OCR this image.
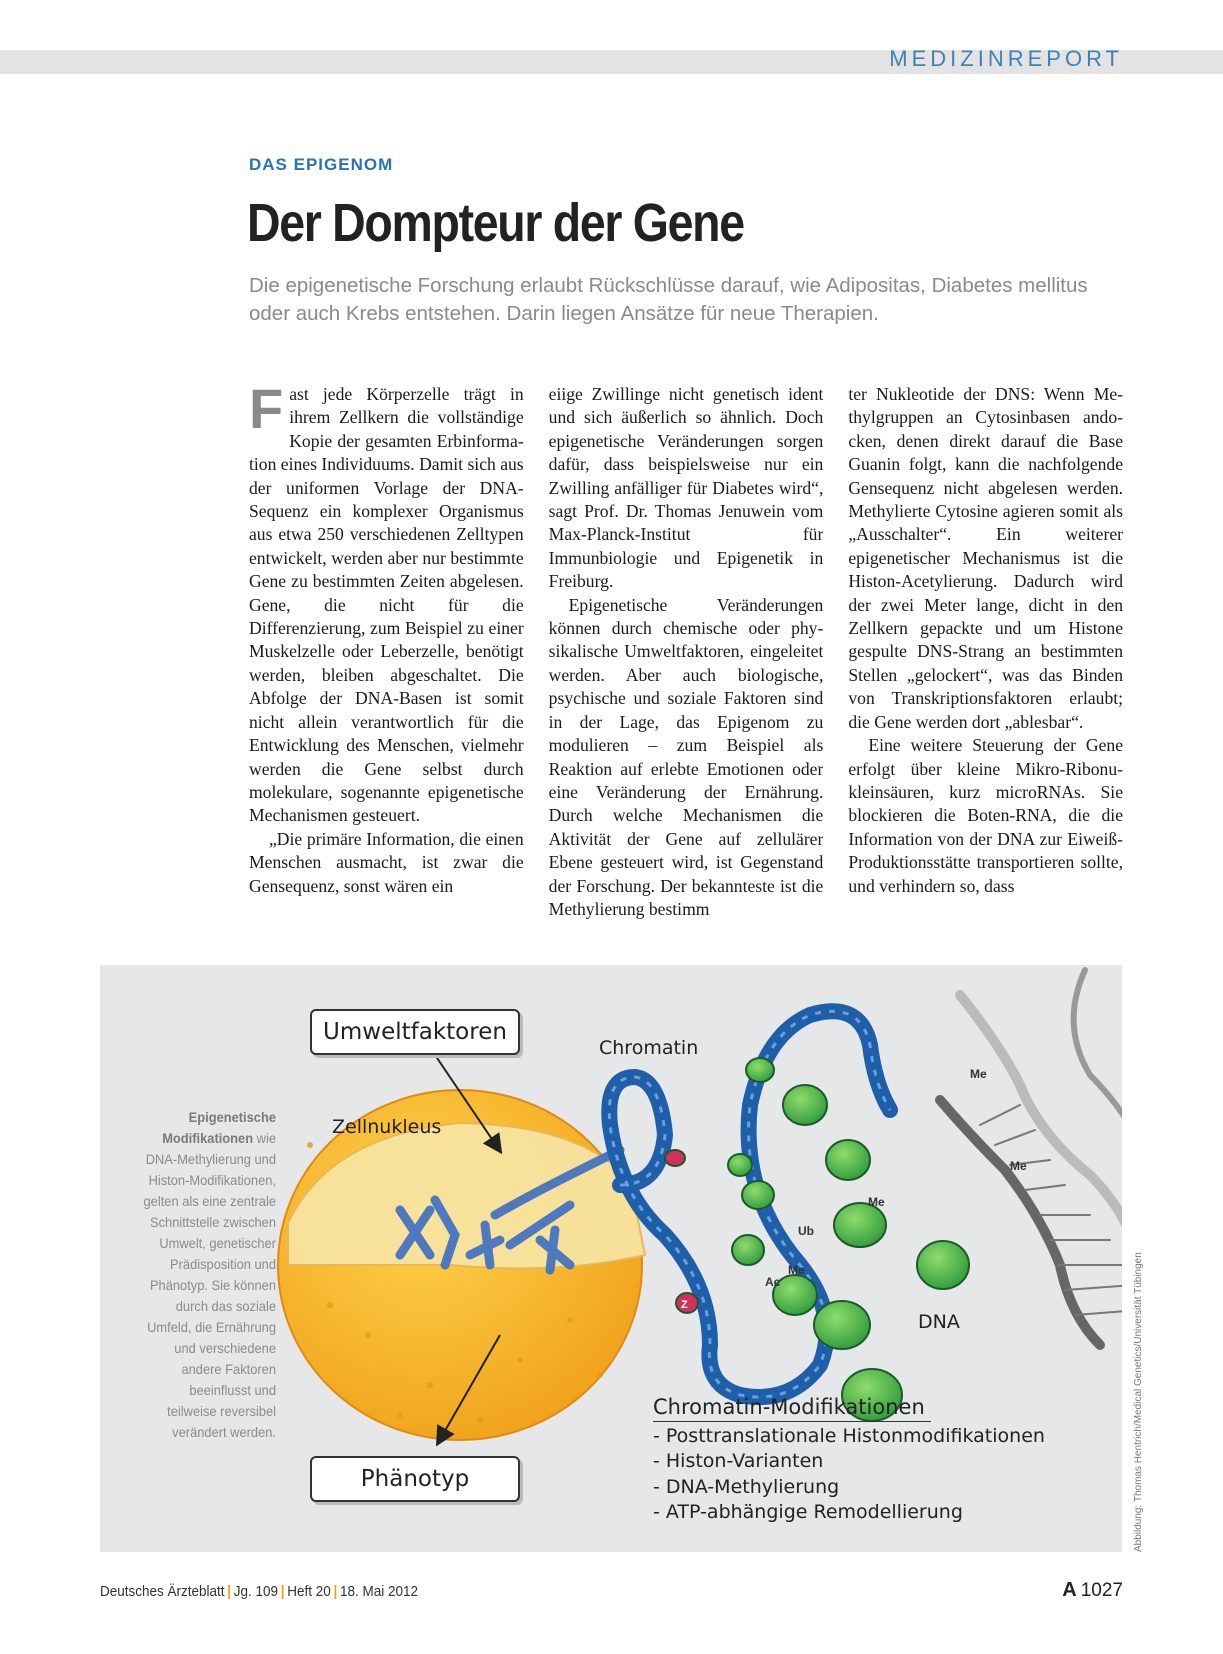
MEDIZINREPORT
DAS EPIGENOM
Der Dompteur der Gene

Die epigenetische Forschung erlaubt Rückschlüsse darauf, wie Adipositas, Diabetes mellitus oder auch Krebs entstehen. Darin liegen Ansätze für neue Therapien.

Fast jede Körperzelle trägt in ihrem Zellkern die vollständige Kopie der gesamten Erbinformation eines Individuums. Damit sich aus der uniformen Vorlage der DNA-Sequenz ein komplexer Organismus aus etwa 250 verschiedenen Zelltypen entwickelt, werden aber nur bestimmte Gene zu bestimmten Zeiten abgelesen. Gene, die nicht für die Differenzierung, zum Beispiel zu einer Muskelzelle oder Leberzelle, benötigt werden, bleiben abgeschaltet. Die Abfolge der DNA-Basen ist somit nicht allein verantwortlich für die Entwicklung des Menschen, vielmehr werden die Gene selbst durch molekulare, sogenannte epigenetische Mechanismen gesteuert.

„Die primäre Information, die einen Menschen ausmacht, ist zwar die Gensequenz, sonst wären ein

eiige Zwillinge nicht genetisch ident und sich äußerlich so ähnlich. Doch epigenetische Veränderungen sorgen dafür, dass beispielsweise nur ein Zwilling anfälliger für Diabetes wird“, sagt Prof. Dr. Thomas Jenuwein vom Max-Planck-Institut für Immunbiologie und Epigenetik in Freiburg.

Epigenetische Veränderungen können durch chemische oder physikalische Umweltfaktoren, eingeleitet werden. Aber auch biologische, psychische und soziale Faktoren sind in der Lage, das Epigenom zu modulieren – zum Beispiel als Reaktion auf erlebte Emotionen oder eine Veränderung der Ernährung. Durch welche Mechanismen die Aktivität der Gene auf zellulärer Ebene gesteuert wird, ist Gegenstand der Forschung. Der bekannteste ist die Methylierung bestimm

ter Nukleotide der DNS: Wenn Methylgruppen an Cytosinbasen andocken, denen direkt darauf die Base Guanin folgt, kann die nachfolgende Gensequenz nicht abgelesen werden. Methylierte Cytosine agieren somit als „Ausschalter“. Ein weiterer epigenetischer Mechanismus ist die Histon-Acetylierung. Dadurch wird der zwei Meter lange, dicht in den Zellkern gepackte und um Histone gespulte DNS-Strang an bestimmten Stellen „gelockert“, was das Binden von Transkriptionsfaktoren erlaubt; die Gene werden dort „ablesbar“.

Eine weitere Steuerung der Gene erfolgt über kleine Mikro-Ribonukleinsäuren, kurz microRNAs. Sie blockieren die Boten-RNA, die die Information von der DNA zur Eiweiß-Produktionsstätte transportieren sollte, und verhindern so, dass

Z
Umweltfaktoren
Phänotyp
Zellnukleus
Chromatin
DNA
Me
Me
Me
Me
Ub
Ac
Chromatin-Modifikationen
- Posttranslationale Histonmodifikationen
- Histon-Varianten
- DNA-Methylierung
- ATP-abhängige Remodellierung
Epigenetische Modifikationen wie DNA-Methylierung und Histon-Modifikationen, gelten als eine zentrale Schnittstelle zwischen Umwelt, genetischer Prädisposition und Phänotyp. Sie können durch das soziale Umfeld, die Ernährung und verschiedene andere Faktoren beeinflusst und teilweise reversibel verändert werden.	Abbildung: Thomas Hentrich/Medical Genetics/Universität Tübingen
Deutsches Ärzteblatt | Jg. 109 | Heft 20 | 18. Mai 2012	A 1027
